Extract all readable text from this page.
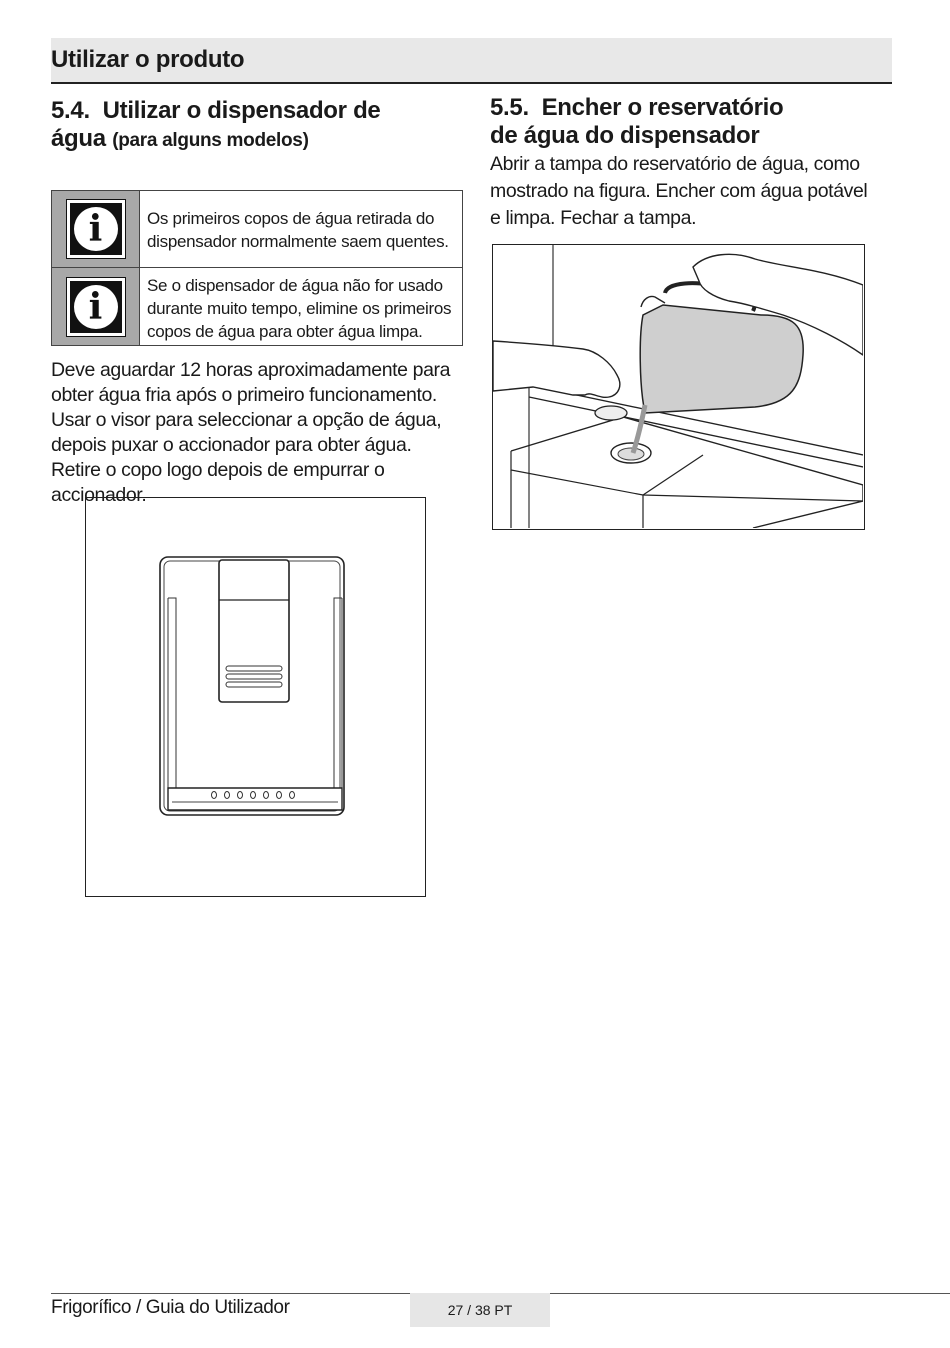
Utilizar o produto
5.4. Utilizar o dispensador de
água (para alguns modelos)
i	Os primeiros copos de água retirada do dispensador normalmente saem quentes.
i	Se o dispensador de água não for usado durante muito tempo, elimine os primeiros copos de água para obter água limpa.
Deve aguardar 12 horas aproximadamente para obter água fria após o primeiro funcionamento. Usar o visor para seleccionar a opção de água, depois puxar o accionador para obter água. Retire o copo logo depois de empurrar o accionador.
5.5. Encher o reservatório
de água do dispensador
Abrir a tampa do reservatório de água, como mostrado na figura. Encher com água potável e limpa. Fechar a tampa.
Frigorífico / Guia do Utilizador	27 / 38 PT
